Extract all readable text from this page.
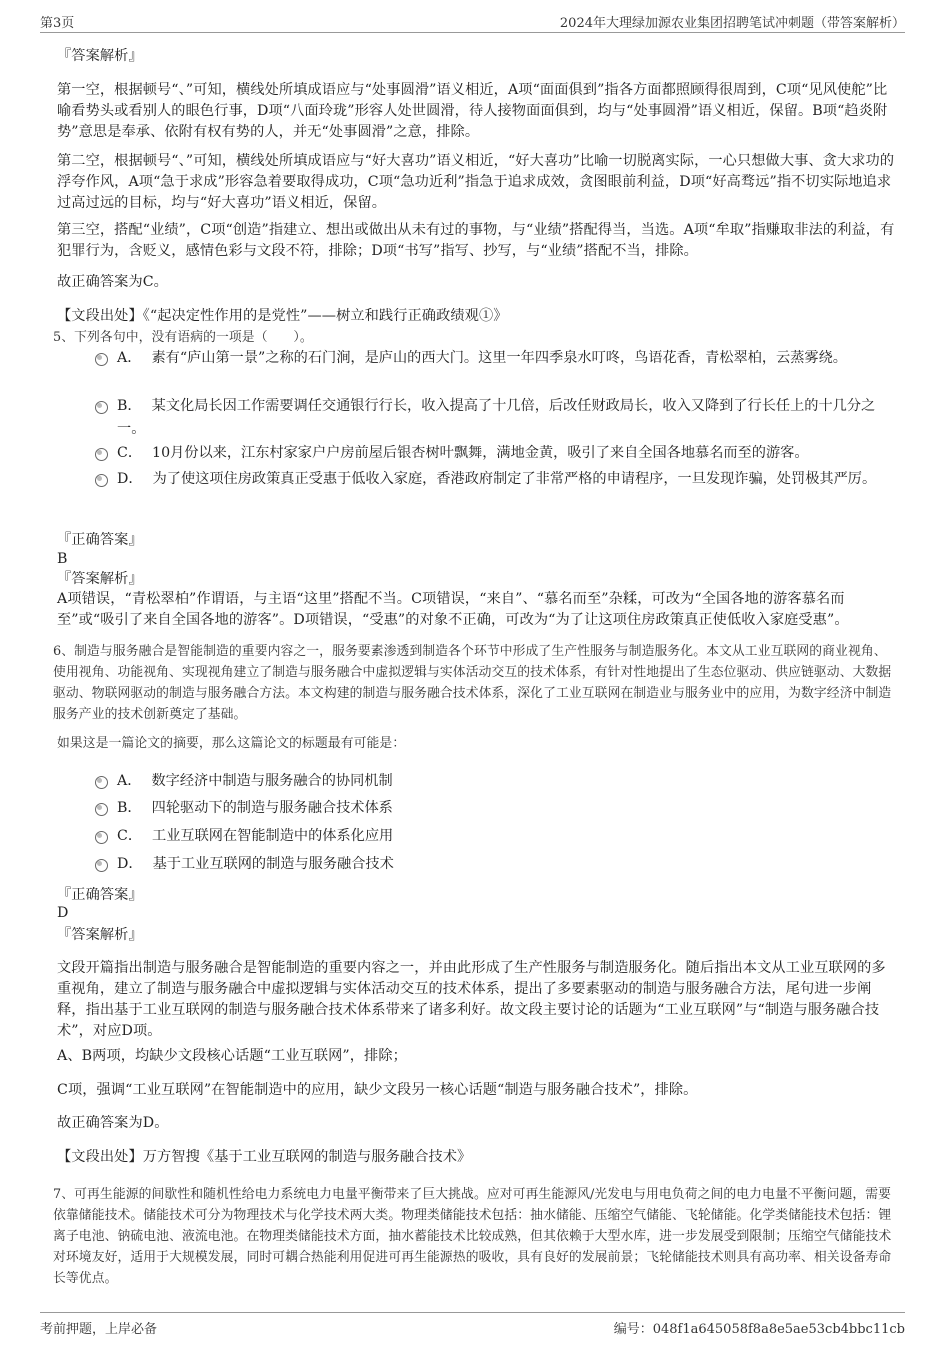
第3页	2024年大理绿加源农业集团招聘笔试冲刺题（带答案解析）

『答案解析』

第一空，根据顿号“、”可知，横线处所填成语应与“处事圆滑”语义相近，A项“面面俱到”指各方面都照顾得很周到，C项“见风使舵”比喻看势头或看别人的眼色行事，D项“八面玲珑”形容人处世圆滑，待人接物面面俱到，均与“处事圆滑”语义相近，保留。B项“趋炎附势”意思是奉承、依附有权有势的人，并无“处事圆滑”之意，排除。

第二空，根据顿号“、”可知，横线处所填成语应与“好大喜功”语义相近，“好大喜功”比喻一切脱离实际，一心只想做大事、贪大求功的浮夸作风，A项“急于求成”形容急着要取得成功，C项“急功近利”指急于追求成效，贪图眼前利益，D项“好高骛远”指不切实际地追求过高过远的目标，均与“好大喜功”语义相近，保留。

第三空，搭配“业绩”，C项“创造”指建立、想出或做出从未有过的事物，与“业绩”搭配得当，当选。A项“牟取”指赚取非法的利益，有犯罪行为，含贬义，感情色彩与文段不符，排除；D项“书写”指写、抄写，与“业绩”搭配不当，排除。

故正确答案为C。

【文段出处】《“起决定性作用的是党性”——树立和践行正确政绩观①》

5、下列各句中，没有语病的一项是（　　）。

A． 素有“庐山第一景”之称的石门涧，是庐山的西大门。这里一年四季泉水叮咚，鸟语花香，青松翠柏，云蒸雾绕。
B． 某文化局长因工作需要调任交通银行行长，收入提高了十几倍，后改任财政局长，收入又降到了行长任上的十几分之一。
C． 10月份以来，江东村家家户户房前屋后银杏树叶飘舞，满地金黄，吸引了来自全国各地慕名而至的游客。
D． 为了使这项住房政策真正受惠于低收入家庭，香港政府制定了非常严格的申请程序，一旦发现诈骗，处罚极其严厉。

『正确答案』

B

『答案解析』

A项错误，“青松翠柏”作谓语，与主语“这里”搭配不当。C项错误，“来自”、“慕名而至”杂糅，可改为“全国各地的游客慕名而至”或“吸引了来自全国各地的游客”。D项错误，“受惠”的对象不正确，可改为“为了让这项住房政策真正使低收入家庭受惠”。

6、制造与服务融合是智能制造的重要内容之一，服务要素渗透到制造各个环节中形成了生产性服务与制造服务化。本文从工业互联网的商业视角、使用视角、功能视角、实现视角建立了制造与服务融合中虚拟逻辑与实体活动交互的技术体系，有针对性地提出了生态位驱动、供应链驱动、大数据驱动、物联网驱动的制造与服务融合方法。本文构建的制造与服务融合技术体系，深化了工业互联网在制造业与服务业中的应用，为数字经济中制造服务产业的技术创新奠定了基础。

如果这是一篇论文的摘要，那么这篇论文的标题最有可能是：

A． 数字经济中制造与服务融合的协同机制
B． 四轮驱动下的制造与服务融合技术体系
C． 工业互联网在智能制造中的体系化应用
D． 基于工业互联网的制造与服务融合技术

『正确答案』

D

『答案解析』

文段开篇指出制造与服务融合是智能制造的重要内容之一，并由此形成了生产性服务与制造服务化。随后指出本文从工业互联网的多重视角，建立了制造与服务融合中虚拟逻辑与实体活动交互的技术体系，提出了多要素驱动的制造与服务融合方法，尾句进一步阐释，指出基于工业互联网的制造与服务融合技术体系带来了诸多利好。故文段主要讨论的话题为“工业互联网”与“制造与服务融合技术”，对应D项。

A、B两项，均缺少文段核心话题“工业互联网”，排除；

C项，强调“工业互联网”在智能制造中的应用，缺少文段另一核心话题“制造与服务融合技术”，排除。

故正确答案为D。

【文段出处】万方智搜《基于工业互联网的制造与服务融合技术》

7、可再生能源的间歇性和随机性给电力系统电力电量平衡带来了巨大挑战。应对可再生能源风/光发电与用电负荷之间的电力电量不平衡问题，需要依靠储能技术。储能技术可分为物理技术与化学技术两大类。物理类储能技术包括：抽水储能、压缩空气储能、飞轮储能。化学类储能技术包括：锂离子电池、钠硫电池、液流电池。在物理类储能技术方面，抽水蓄能技术比较成熟，但其依赖于大型水库，进一步发展受到限制；压缩空气储能技术对环境友好，适用于大规模发展，同时可耦合热能利用促进可再生能源热的吸收，具有良好的发展前景；飞轮储能技术则具有高功率、相关设备寿命长等优点。

考前押题，上岸必备	编号：048f1a645058f8a8e5ae53cb4bbc11cb
